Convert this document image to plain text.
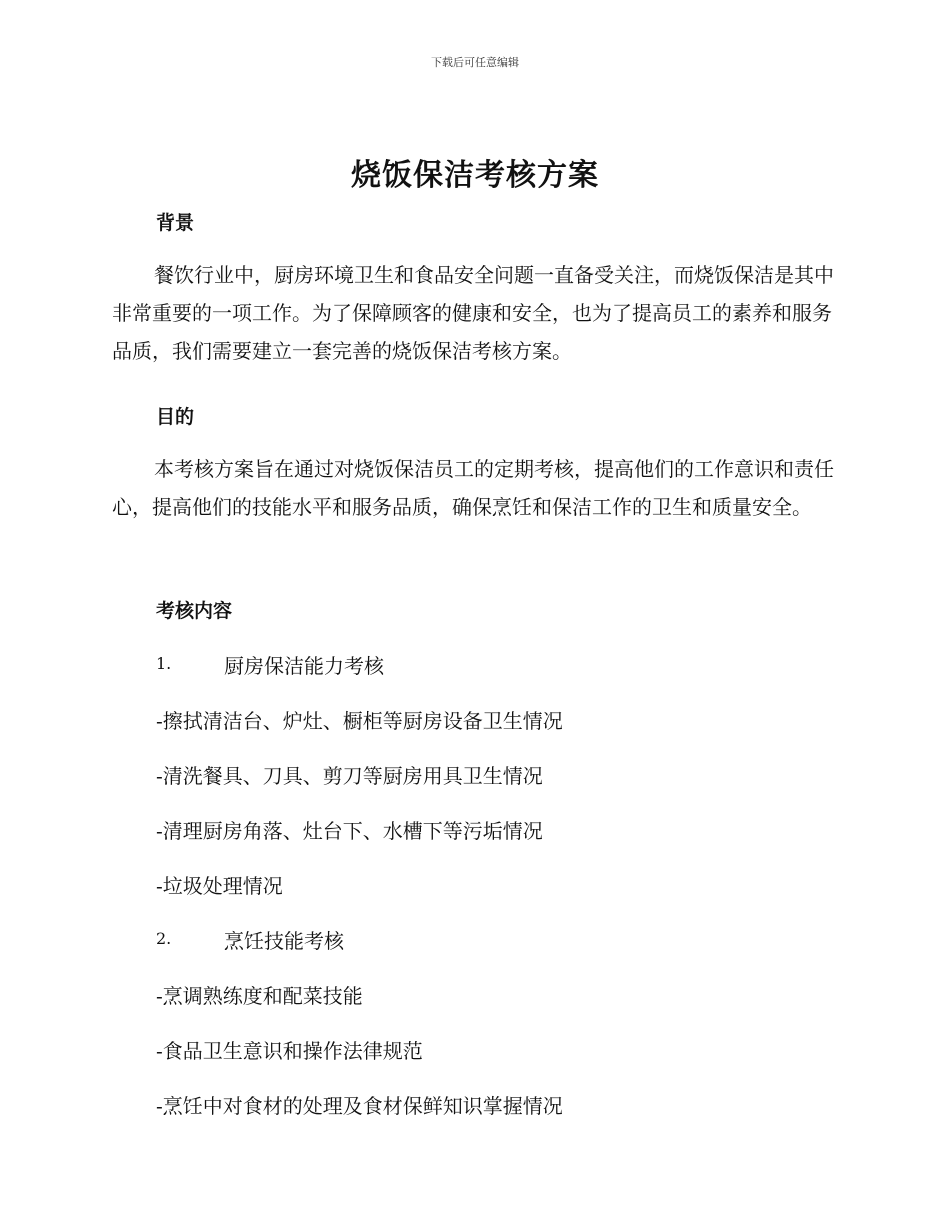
下载后可任意编辑
烧饭保洁考核方案
背景
餐饮行业中，厨房环境卫生和食品安全问题一直备受关注，而烧饭保洁是其中非常重要的一项工作。为了保障顾客的健康和安全，也为了提高员工的素养和服务品质，我们需要建立一套完善的烧饭保洁考核方案。
目的
本考核方案旨在通过对烧饭保洁员工的定期考核，提高他们的工作意识和责任心，提高他们的技能水平和服务品质，确保烹饪和保洁工作的卫生和质量安全。
考核内容
1.	厨房保洁能力考核
-擦拭清洁台、炉灶、橱柜等厨房设备卫生情况
-清洗餐具、刀具、剪刀等厨房用具卫生情况
-清理厨房角落、灶台下、水槽下等污垢情况
-垃圾处理情况
2.	烹饪技能考核
-烹调熟练度和配菜技能
-食品卫生意识和操作法律规范
-烹饪中对食材的处理及食材保鲜知识掌握情况
